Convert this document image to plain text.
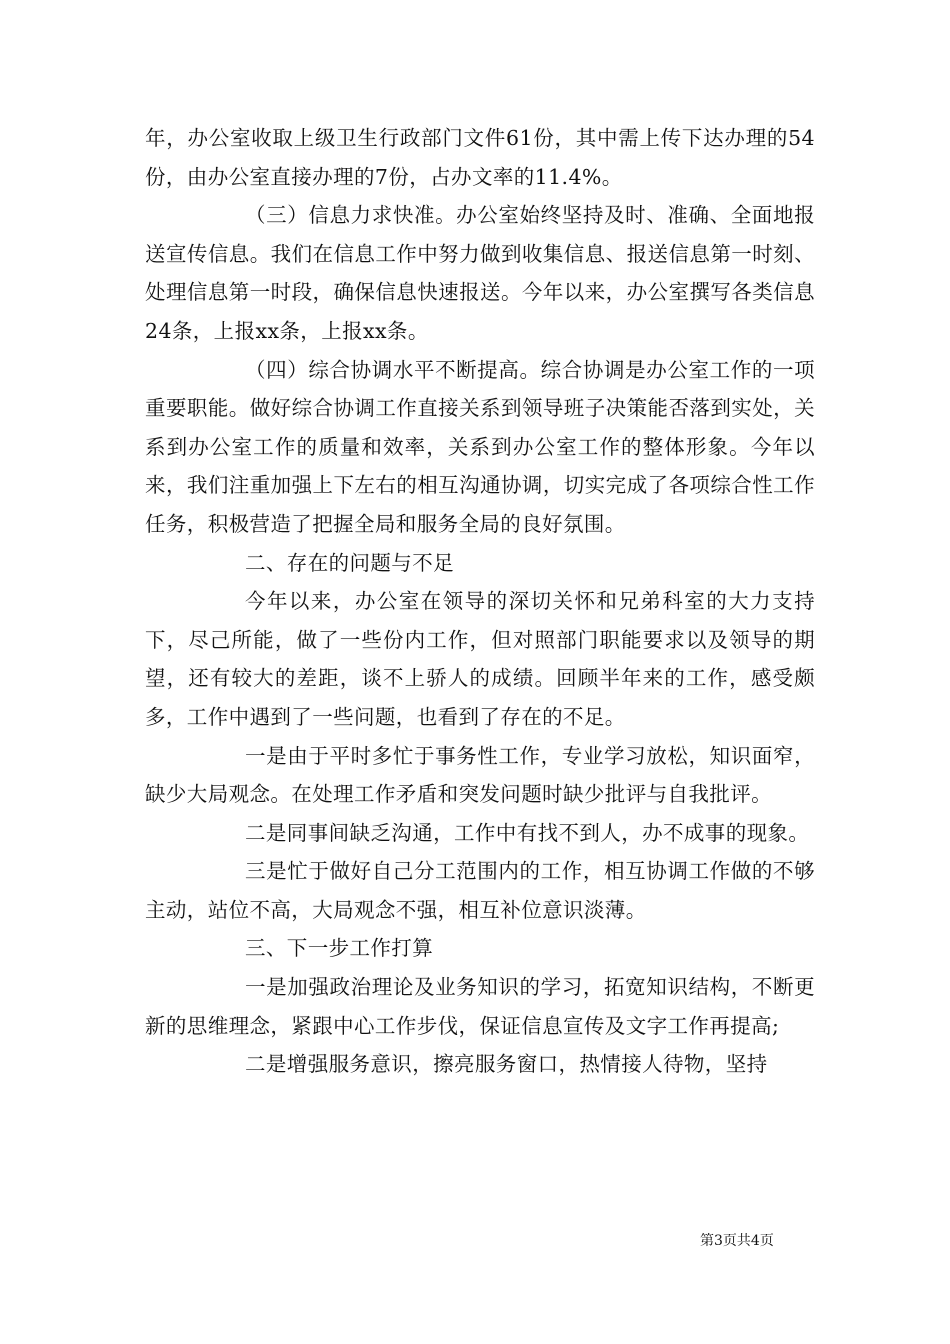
年，办公室收取上级卫生行政部门文件61份，其中需上传下达办理的54份，由办公室直接办理的7份，占办文率的11.4%。

（三）信息力求快准。办公室始终坚持及时、准确、全面地报送宣传信息。我们在信息工作中努力做到收集信息、报送信息第一时刻、处理信息第一时段，确保信息快速报送。今年以来，办公室撰写各类信息24条，上报xx条，上报xx条。

（四）综合协调水平不断提高。综合协调是办公室工作的一项重要职能。做好综合协调工作直接关系到领导班子决策能否落到实处，关系到办公室工作的质量和效率，关系到办公室工作的整体形象。今年以来，我们注重加强上下左右的相互沟通协调，切实完成了各项综合性工作任务，积极营造了把握全局和服务全局的良好氛围。

二、存在的问题与不足

今年以来，办公室在领导的深切关怀和兄弟科室的大力支持下，尽己所能，做了一些份内工作，但对照部门职能要求以及领导的期望，还有较大的差距，谈不上骄人的成绩。回顾半年来的工作，感受颇多，工作中遇到了一些问题，也看到了存在的不足。

一是由于平时多忙于事务性工作，专业学习放松，知识面窄，缺少大局观念。在处理工作矛盾和突发问题时缺少批评与自我批评。

二是同事间缺乏沟通，工作中有找不到人，办不成事的现象。

三是忙于做好自己分工范围内的工作，相互协调工作做的不够主动，站位不高，大局观念不强，相互补位意识淡薄。

三、下一步工作打算

一是加强政治理论及业务知识的学习，拓宽知识结构，不断更新的思维理念，紧跟中心工作步伐，保证信息宣传及文字工作再提高;

二是增强服务意识，擦亮服务窗口，热情接人待物，坚持

第3页共4页
